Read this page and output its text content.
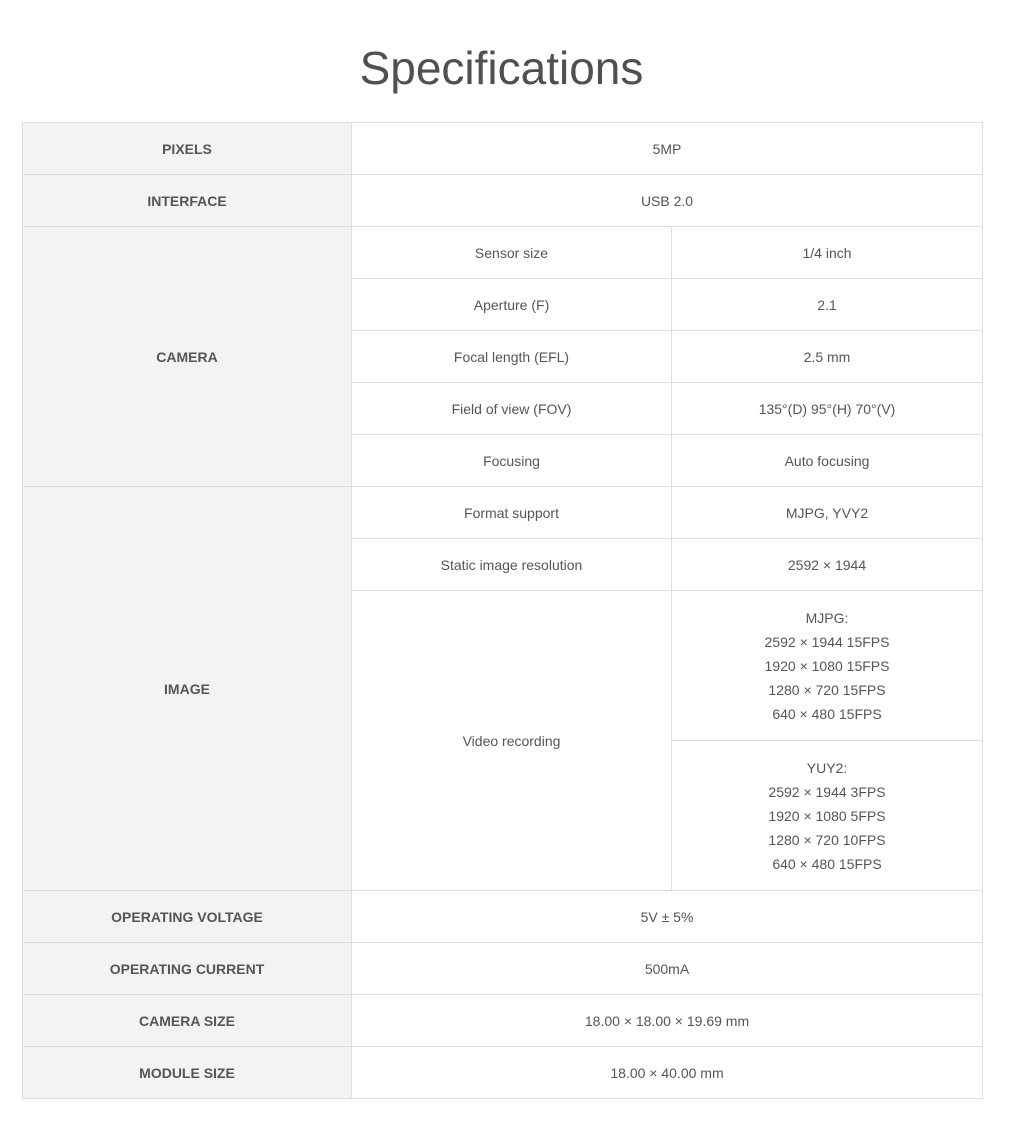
Specifications
PIXELS	5MP	
INTERFACE	USB 2.0	
CAMERA	Sensor size	1/4 inch
	Aperture (F)	2.1
	Focal length (EFL)	2.5 mm
	Field of view (FOV)	135°(D) 95°(H) 70°(V)
	Focusing	Auto focusing
IMAGE	Format support	MJPG, YVY2
	Static image resolution	2592 × 1944
	Video recording	MJPG:
2592 × 1944 15FPS
1920 × 1080 15FPS
1280 × 720 15FPS
640 × 480 15FPS

		YUY2:
2592 × 1944 3FPS
1920 × 1080 5FPS
1280 × 720 10FPS
640 × 480 15FPS

OPERATING VOLTAGE	5V ± 5%	
OPERATING CURRENT	500mA	
CAMERA SIZE	18.00 × 18.00 × 19.69 mm	
MODULE SIZE	18.00 × 40.00 mm	
